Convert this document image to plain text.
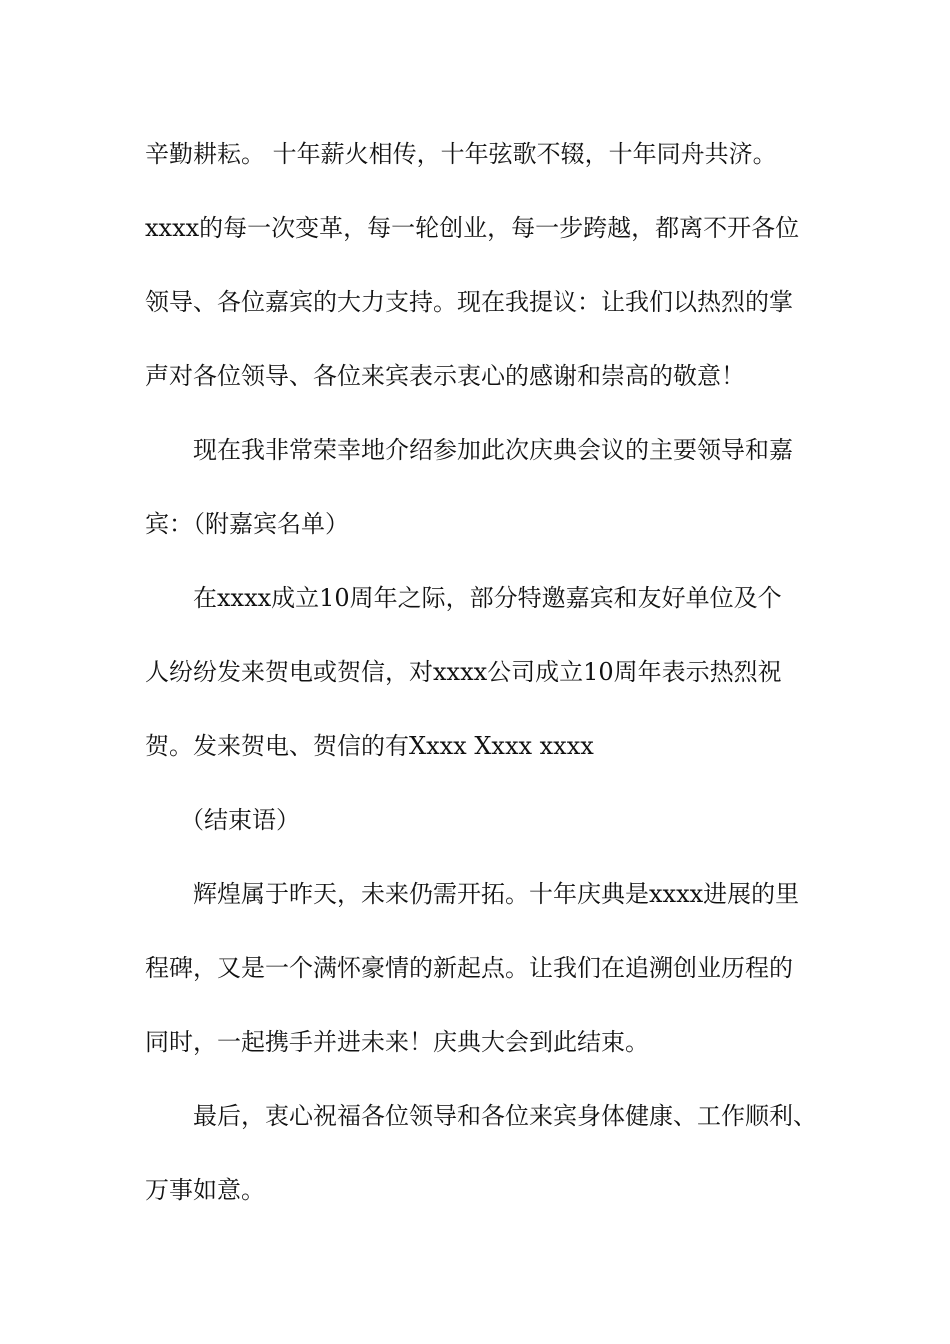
辛勤耕耘。 十年薪火相传，十年弦歌不辍，十年同舟共济。
xxxx的每一次变革，每一轮创业，每一步跨越，都离不开各位
领导、各位嘉宾的大力支持。现在我提议：让我们以热烈的掌
声对各位领导、各位来宾表示衷心的感谢和崇高的敬意！
现在我非常荣幸地介绍参加此次庆典会议的主要领导和嘉
宾：（附嘉宾名单）
在xxxx成立10周年之际，部分特邀嘉宾和友好单位及个
人纷纷发来贺电或贺信，对xxxx公司成立10周年表示热烈祝
贺。发来贺电、贺信的有Xxxx Xxxx xxxx
（结束语）
辉煌属于昨天，未来仍需开拓。十年庆典是xxxx进展的里
程碑，又是一个满怀豪情的新起点。让我们在追溯创业历程的
同时，一起携手并进未来！庆典大会到此结束。
最后，衷心祝福各位领导和各位来宾身体健康、工作顺利、
万事如意。
